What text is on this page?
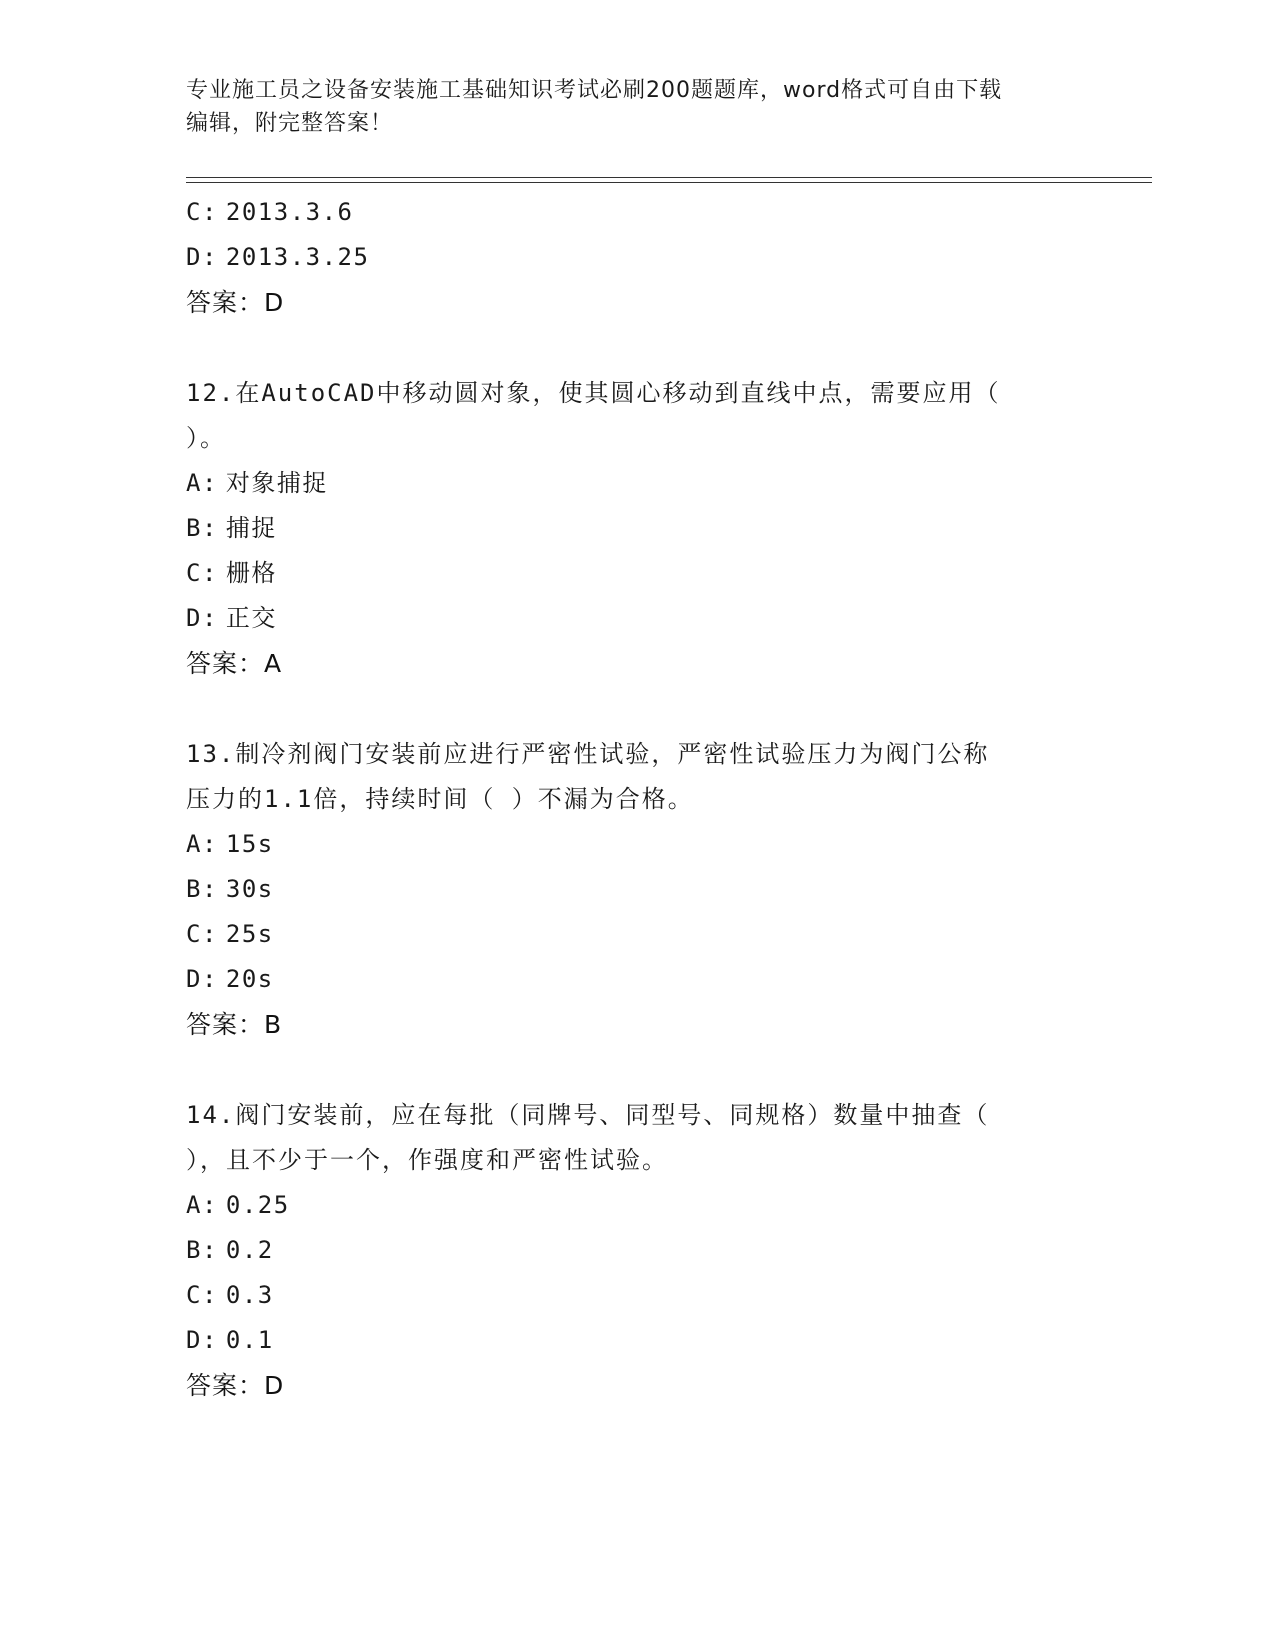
专业施工员之设备安装施工基础知识考试必刷200题题库，word格式可自由下载
编辑，附完整答案！
C: 2013.3.6
D: 2013.3.25
答案：D
12.在AutoCAD中移动圆对象，使其圆心移动到直线中点，需要应用（
）。
A: 对象捕捉
B: 捕捉
C: 栅格
D: 正交
答案：A
13.制冷剂阀门安装前应进行严密性试验，严密性试验压力为阀门公称
压力的1.1倍，持续时间（ ）不漏为合格。
A: 15s
B: 30s
C: 25s
D: 20s
答案：B
14.阀门安装前，应在每批（同牌号、同型号、同规格）数量中抽查（
），且不少于一个，作强度和严密性试验。
A: 0.25
B: 0.2
C: 0.3
D: 0.1
答案：D
